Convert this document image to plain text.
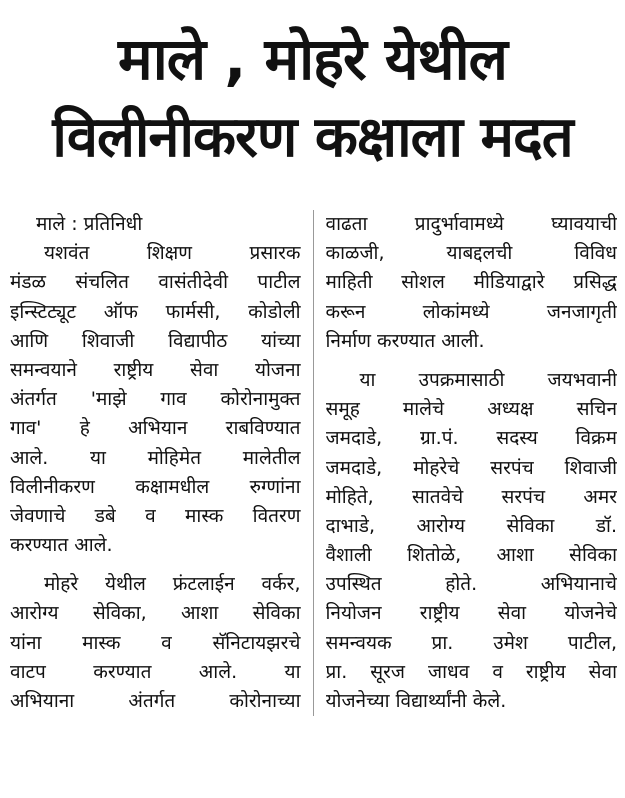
माले , मोहरे येथील
विलीनीकरण कक्षाला मदत
माले : प्रतिनिधी
यशवंत शिक्षण प्रसारक
मंडळ संचलित वासंतीदेवी पाटील
इन्स्टिट्यूट ऑफ फार्मसी, कोडोली
आणि शिवाजी विद्यापीठ यांच्या
समन्वयाने राष्ट्रीय सेवा योजना
अंतर्गत 'माझे गाव कोरोनामुक्त
गाव' हे अभियान राबविण्यात
आले. या मोहिमेत मालेतील
विलीनीकरण कक्षामधील रुग्णांना
जेवणाचे डबे व मास्क वितरण
करण्यात आले.
मोहरे येथील फ्रंटलाईन वर्कर,
आरोग्य सेविका, आशा सेविका
यांना मास्क व सॅनिटायझरचे
वाटप करण्यात आले. या
अभियाना अंतर्गत कोरोनाच्या
वाढता प्रादुर्भावामध्ये घ्यावयाची
काळजी, याबद्दलची विविध
माहिती सोशल मीडियाद्वारे प्रसिद्ध
करून लोकांमध्ये जनजागृती
निर्माण करण्यात आली.
या उपक्रमासाठी जयभवानी
समूह मालेचे अध्यक्ष सचिन
जमदाडे, ग्रा.पं. सदस्य विक्रम
जमदाडे, मोहरेचे सरपंच शिवाजी
मोहिते, सातवेचे सरपंच अमर
दाभाडे, आरोग्य सेविका डॉ.
वैशाली शितोळे, आशा सेविका
उपस्थित होते. अभियानाचे
नियोजन राष्ट्रीय सेवा योजनेचे
समन्वयक प्रा. उमेश पाटील,
प्रा. सूरज जाधव व राष्ट्रीय सेवा
योजनेच्या विद्यार्थ्यांनी केले.
